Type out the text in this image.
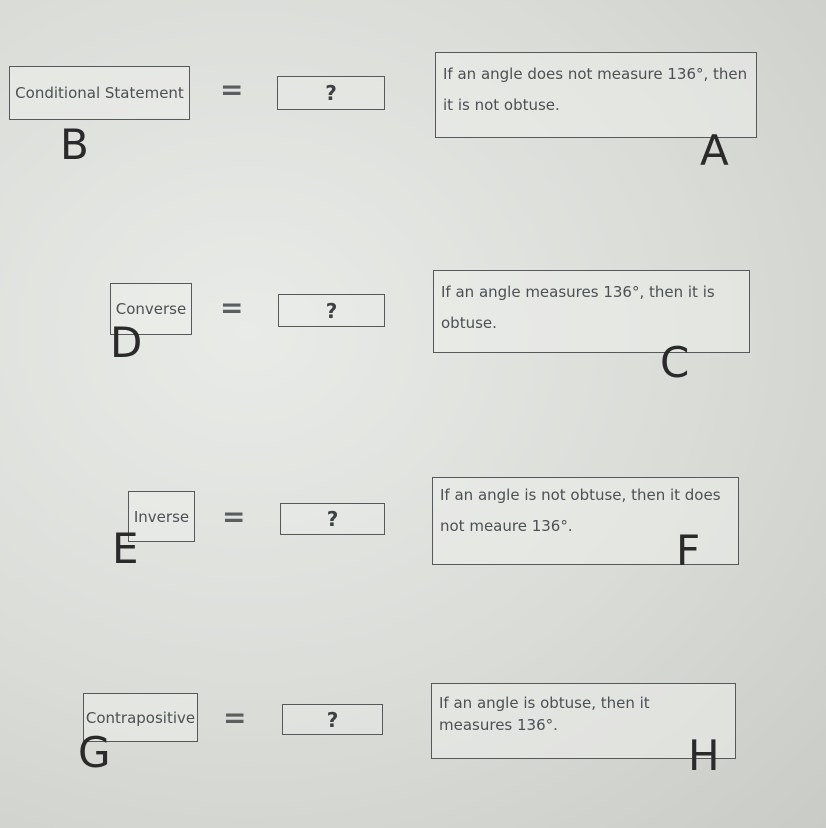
Conditional Statement =	?
If an angle does not measure 136°, then it is not obtuse.
B	A
Converse =	?
If an angle measures 136°, then it is obtuse.
D	C
Inverse =	?
If an angle is not obtuse, then it does not meaure 136°.
E	F
Contrapositive =	?
If an angle is obtuse, then it measures 136°.
G	H
